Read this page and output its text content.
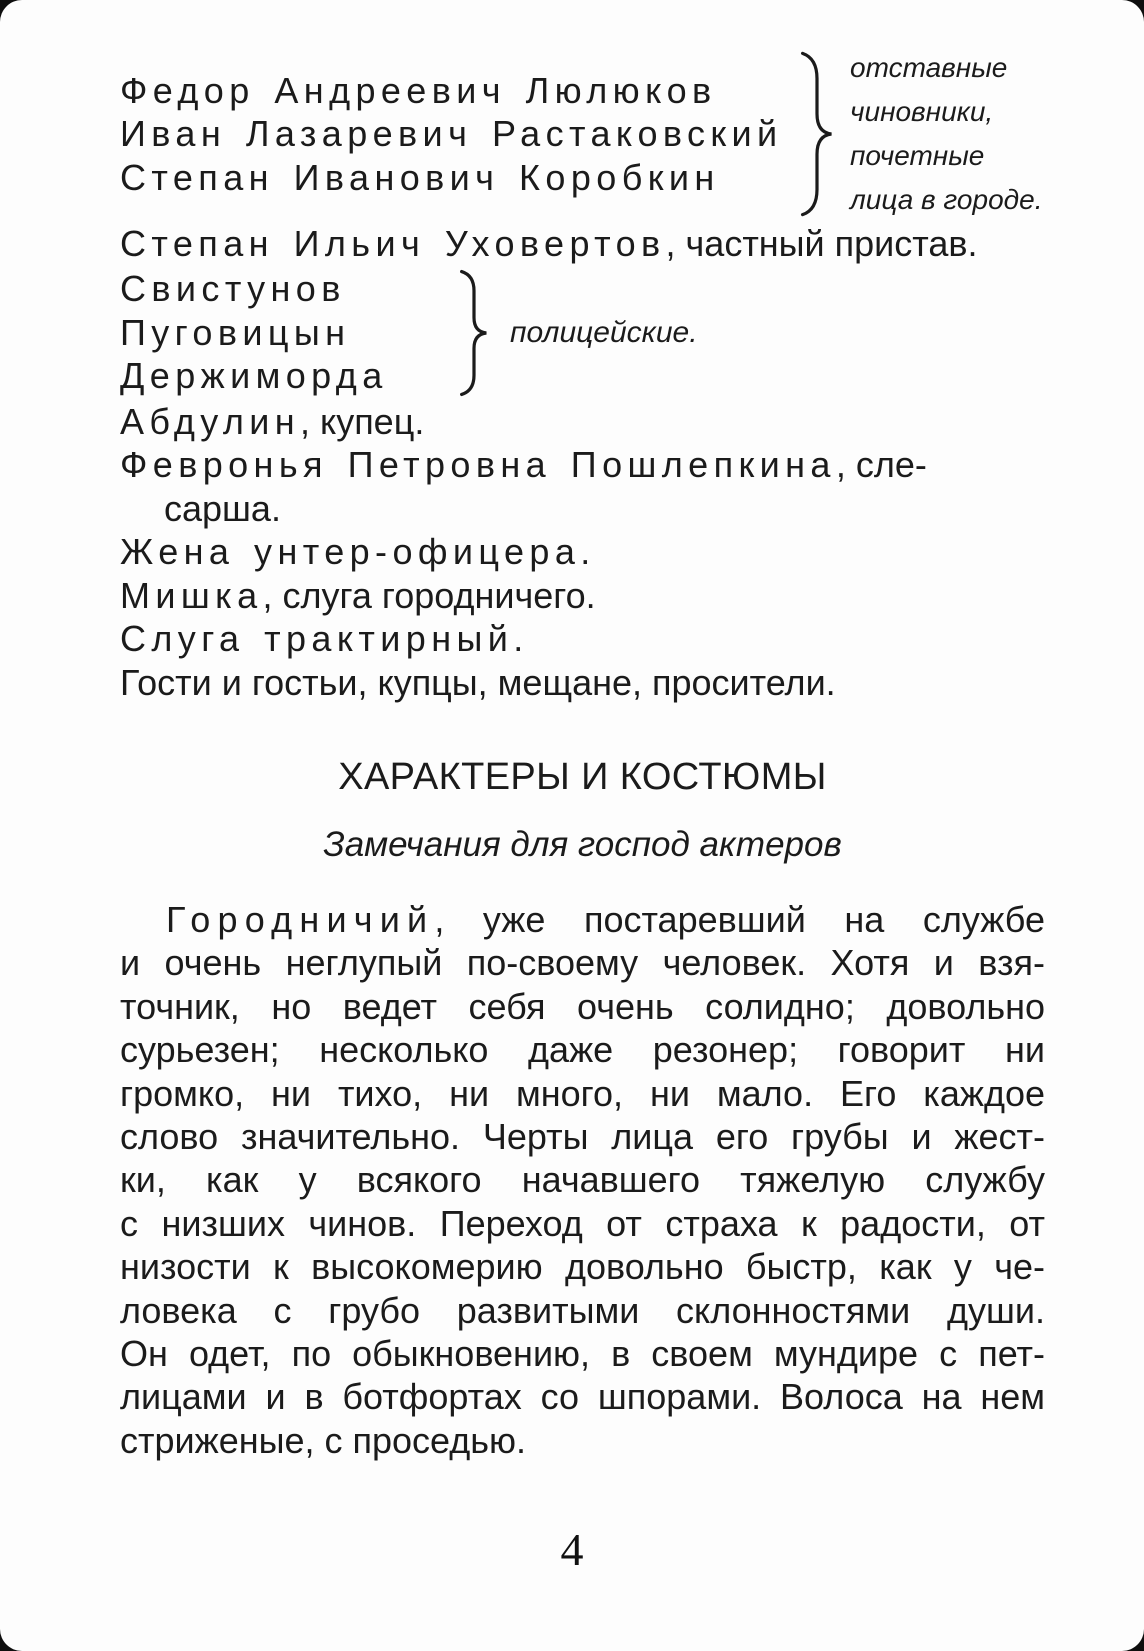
Федор Андреевич Люлюков
Иван Лазаревич Растаковский
Степан Иванович Коробкин
отставные
чиновники,
почетные
лица в городе.
Степан Ильич Уховертов, частный пристав.
Свистунов
Пуговицын
Держиморда
полицейские.
Абдулин, купец.
Февронья Петровна Пошлепкина, сле-
сарша.
Жена унтер-офицера.
Мишка, слуга городничего.
Слуга трактирный.
Гости и гостьи, купцы, мещане, просители.
ХАРАКТЕРЫ И КОСТЮМЫ
Замечания для господ актеров
Городничий, уже постаревший на службе
и очень неглупый по-своему человек. Хотя и взя-
точник, но ведет себя очень солидно; довольно
сурьезен; несколько даже резонер; говорит ни
громко, ни тихо, ни много, ни мало. Его каждое
слово значительно. Черты лица его грубы и жест-
ки, как у всякого начавшего тяжелую службу
с низших чинов. Переход от страха к радости, от
низости к высокомерию довольно быстр, как у че-
ловека с грубо развитыми склонностями души.
Он одет, по обыкновению, в своем мундире с пет-
лицами и в ботфортах со шпорами. Волоса на нем
стриженые, с проседью.
4
